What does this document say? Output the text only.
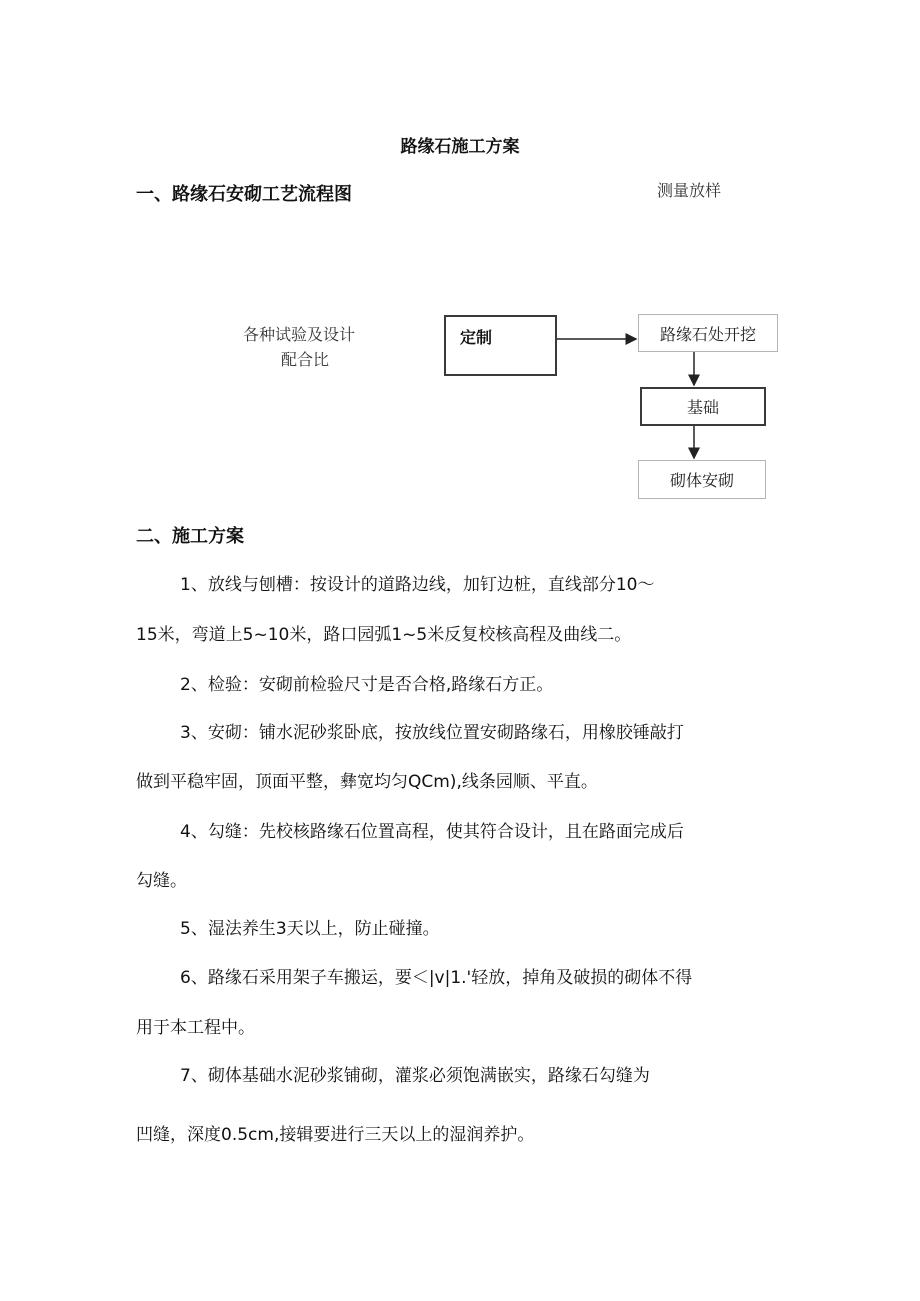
路缘石施工方案
一、路缘石安砌工艺流程图	测量放样
各种试验及设计
配合比
定制	路缘石处开挖
基础
砌体安砌
二、施工方案
1、放线与刨槽：按设计的道路边线，加钉边桩，直线部分10〜
15米，弯道上5~10米，路口园弧1~5米反复校核高程及曲线二。
2、检验：安砌前检验尺寸是否合格,路缘石方正。
3、安砌：铺水泥砂浆卧底，按放线位置安砌路缘石，用橡胶锤敲打
做到平稳牢固，顶面平整，彝宽均匀QCm),线条园顺、平直。
4、勾缝：先校核路缘石位置高程，使其符合设计，且在路面完成后
勾缝。
5、湿法养生3天以上，防止碰撞。
6、路缘石采用架子车搬运，要＜|v|1.'轻放，掉角及破损的砌体不得
用于本工程中。
7、砌体基础水泥砂浆铺砌，灌浆必须饱满嵌实，路缘石勾缝为
凹缝，深度0.5cm,接辑要进行三天以上的湿润养护。
